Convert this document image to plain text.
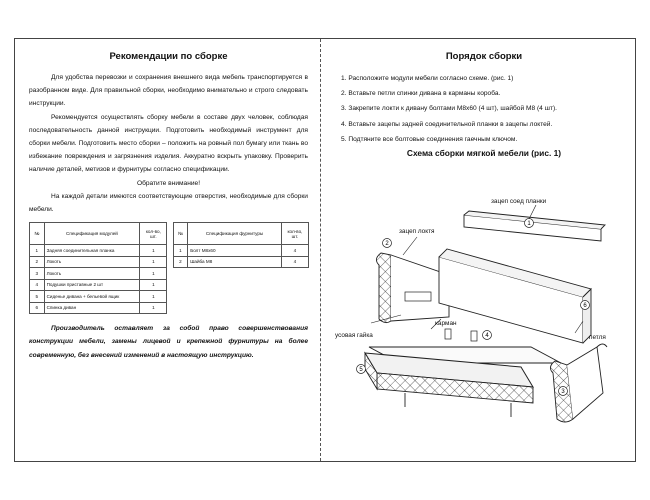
Рекомендации по сборке

Для удобства перевозки и сохранения внешнего вида мебель транспортируется в разобранном виде. Для правильной сборки, необходимо внимательно и строго следовать инструкции.

Рекомендуется осуществлять сборку мебели в составе двух человек, соблюдая последовательность данной инструкции. Подготовить необходимый инструмент для сборки мебели. Подготовить место сборки – положить на ровный пол бумагу или ткань во избежание повреждения и загрязнения изделия. Аккуратно вскрыть упаковку. Проверить наличие деталей, метизов и фурнитуры согласно спецификации.

Обратите внимание!

На каждой детали имеются соответствующие отверстия, необходимые для сборки мебели.

№	Спецификация модулей	кол-во, шт.		№	Спецификация фурнитуры	кол-во, шт.
1	Задняя соединительная планка	1		1	Болт М8х60	4
2	Локоть	1		2	Шайба М8	4
3	Локоть	1				
4	Подушки приставные 2 шт	1				
5	Сиденье дивана + бельевой ящик	1				
6	Спинка диван	1				

Производитель оставляет за собой право совершенствования конструкции мебели, замены лицевой и крепежной фурнитуры на более современную, без внесений изменений в настоящую инструкцию.

Порядок сборки
1. Расположите модули мебели согласно схеме. (рис. 1)
2. Вставьте петли спинки дивана в карманы короба.
3. Закрепите локти к дивану болтами М8х60 (4 шт), шайбой М8 (4 шт).
4. Вставьте зацепы задней соединительной планки в зацепы локтей.
5. Подтяните все болтовые соединения гаечным ключом.
Схема сборки мягкой мебели (рис. 1)
1
2
3
4
5
6
зацеп соед планки
зацеп локтя
карман
усовая гайка	петля
